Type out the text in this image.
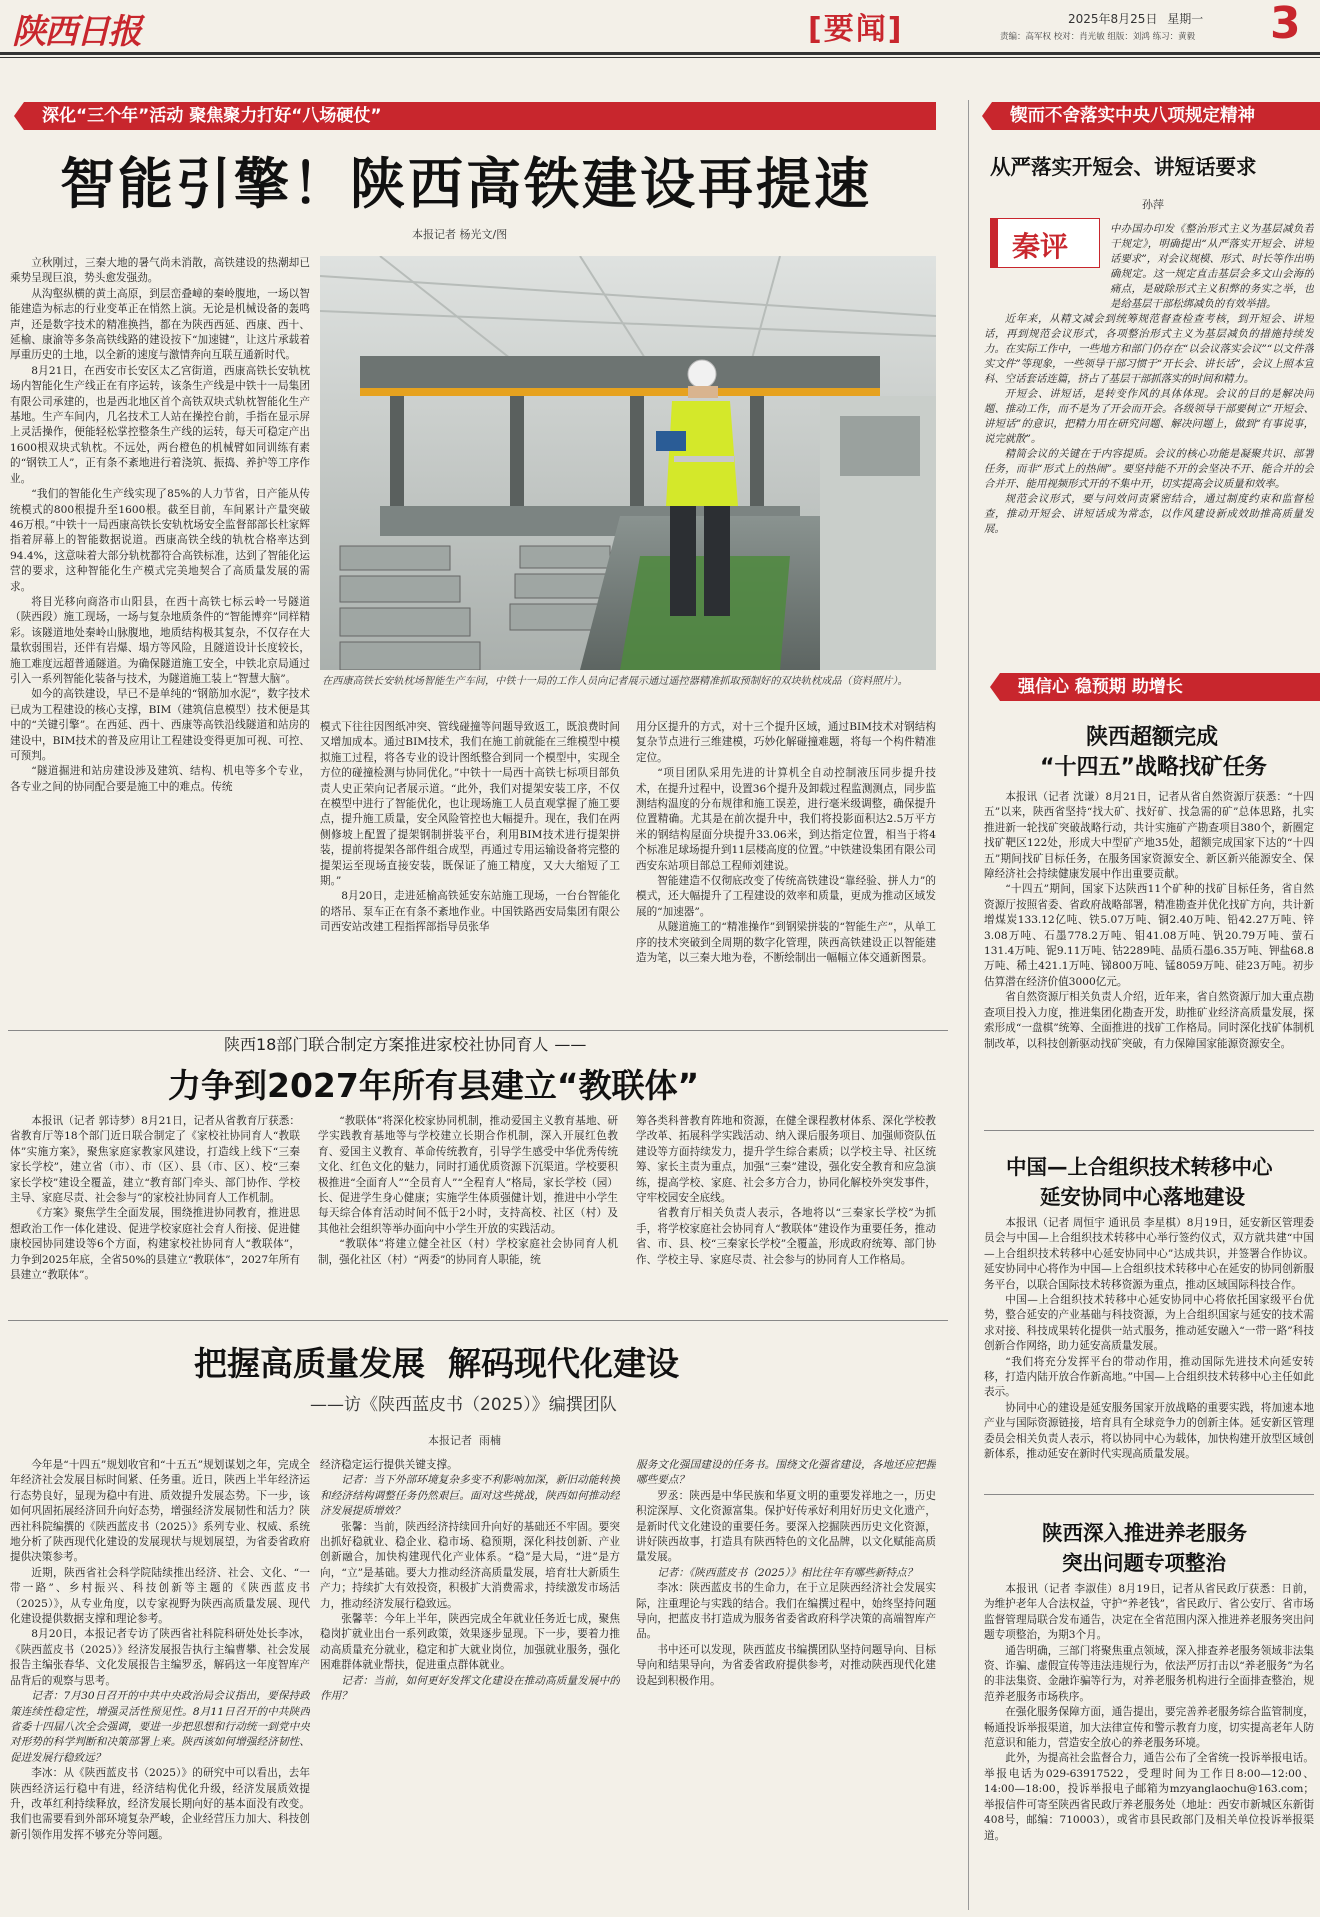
陕西日报	[要闻]	2025年8月25日 星期一
责编：高军权 校对：肖光敏 组版：刘鸿 练习：黄毅 3
深化“三个年”活动 聚焦聚力打好“八场硬仗”	锲而不舍落实中央八项规定精神
智能引擎！陕西高铁建设再提速
本报记者 杨光文/图

立秋刚过，三秦大地的暑气尚未消散，高铁建设的热潮却已乘势呈现巨浪，势头愈发强劲。

从沟壑纵横的黄土高原，到层峦叠嶂的秦岭腹地，一场以智能建造为标志的行业变革正在悄然上演。无论是机械设备的轰鸣声，还是数字技术的精准换挡，都在为陕西西延、西康、西十、延榆、康渝等多条高铁线路的建设按下“加速键”，让这片承载着厚重历史的土地，以全新的速度与激情奔向互联互通新时代。

8月21日，在西安市长安区太乙宫街道，西康高铁长安轨枕场内智能化生产线正在有序运转，该条生产线是中铁十一局集团有限公司承建的，也是西北地区首个高铁双块式轨枕智能化生产基地。生产车间内，几名技术工人站在操控台前，手指在显示屏上灵活操作，便能轻松掌控整条生产线的运转，每天可稳定产出1600根双块式轨枕。不远处，两台橙色的机械臂如同训练有素的“钢铁工人”，正有条不紊地进行着浇筑、振捣、养护等工序作业。

“我们的智能化生产线实现了85%的人力节省，日产能从传统模式的800根提升至1600根。截至目前，车间累计产量突破46万根。”中铁十一局西康高铁长安轨枕场安全监督部部长杜家辉指着屏幕上的智能数据说道。西康高铁全线的轨枕合格率达到94.4%，这意味着大部分轨枕都符合高铁标准，达到了智能化运营的要求，这种智能化生产模式完美地契合了高质量发展的需求。

将目光移向商洛市山阳县，在西十高铁七标云岭一号隧道（陕西段）施工现场，一场与复杂地质条件的“智能博弈”同样精彩。该隧道地处秦岭山脉腹地，地质结构极其复杂，不仅存在大量软弱围岩，还伴有岩爆、塌方等风险，且隧道设计长度较长，施工难度远超普通隧道。为确保隧道施工安全，中铁北京局通过引入一系列智能化装备与技术，为隧道施工装上“智慧大脑”。

如今的高铁建设，早已不是单纯的“钢筋加水泥”，数字技术已成为工程建设的核心支撑，BIM（建筑信息模型）技术便是其中的“关键引擎”。在西延、西十、西康等高铁沿线隧道和站房的建设中，BIM技术的普及应用让工程建设变得更加可视、可控、可预判。

“隧道掘进和站房建设涉及建筑、结构、机电等多个专业，各专业之间的协同配合要是施工中的难点。传统

在西康高铁长安轨枕场智能生产车间，中铁十一局的工作人员向记者展示通过遥控器精准抓取预制好的双块轨枕成品（资料照片）。

模式下往往因图纸冲突、管线碰撞等问题导致返工，既浪费时间又增加成本。通过BIM技术，我们在施工前就能在三维模型中模拟施工过程，将各专业的设计图纸整合到同一个模型中，实现全方位的碰撞检测与协同优化。”中铁十一局西十高铁七标项目部负责人史正荣向记者展示道。“此外，我们对提架安装工序，不仅在模型中进行了智能优化，也让现场施工人员直观掌握了施工要点，提升施工质量，安全风险管控也大幅提升。现在，我们在两侧修坡上配置了提架钢制拼装平台，利用BIM技术进行提架拼装，提前将提架各部件组合成型，再通过专用运输设备将完整的提架运至现场直接安装，既保证了施工精度，又大大缩短了工期。”

8月20日，走进延榆高铁延安东站施工现场，一台台智能化的塔吊、泵车正在有条不紊地作业。中国铁路西安局集团有限公司西安站改建工程指挥部指导员张华

用分区提升的方式，对十三个提升区域，通过BIM技术对钢结构复杂节点进行三维建模，巧妙化解碰撞难题，将每一个构件精准定位。

“项目团队采用先进的计算机全自动控制液压同步提升技术，在提升过程中，设置36个提升及卸载过程监测测点，同步监测结构温度的分布规律和施工误差，进行毫米级调整，确保提升位置精确。尤其是在前次提升中，我们将投影面积达2.5万平方米的钢结构屋面分块提升33.06米，到达指定位置，相当于将4个标准足球场提升到11层楼高度的位置。”中铁建设集团有限公司西安东站项目部总工程师刘建说。

智能建造不仅彻底改变了传统高铁建设“靠经验、拼人力”的模式，还大幅提升了工程建设的效率和质量，更成为推动区域发展的“加速器”。

从隧道施工的“精准操作”到钢梁拼装的“智能生产”，从单工序的技术突破到全周期的数字化管理，陕西高铁建设正以智能建造为笔，以三秦大地为卷，不断绘制出一幅幅立体交通新图景。

陕西18部门联合制定方案推进家校社协同育人 ——
力争到2027年所有县建立“教联体”

本报讯（记者 郭诗梦）8月21日，记者从省教育厅获悉：省教育厅等18个部门近日联合制定了《家校社协同育人“教联体”实施方案》，聚焦家庭家教家风建设，打造线上线下“三秦家长学校”，建立省（市）、市（区）、县（市、区）、校“三秦家长学校”建设全覆盖，建立“教育部门牵头、部门协作、学校主导、家庭尽责、社会参与”的家校社协同育人工作机制。

《方案》聚焦学生全面发展，围绕推进协同教育，推进思想政治工作一体化建设、促进学校家庭社会育人衔接、促进健康校园协同建设等6个方面，构建家校社协同育人“教联体”，力争到2025年底，全省50%的县建立“教联体”，2027年所有县建立“教联体”。

“教联体”将深化校家协同机制，推动爱国主义教育基地、研学实践教育基地等与学校建立长期合作机制，深入开展红色教育、爱国主义教育、革命传统教育，引导学生感受中华优秀传统文化、红色文化的魅力，同时打通优质资源下沉渠道。学校要积极推进“全面育人”“全员育人”“全程育人”格局，家长学校（园）长、促进学生身心健康；实施学生体质强健计划，推进中小学生每天综合体育活动时间不低于2小时，支持高校、社区（村）及其他社会组织等举办面向中小学生开放的实践活动。

“教联体”将建立健全社区（村）学校家庭社会协同育人机制，强化社区（村）“两委”的协同育人职能，统

筹各类科普教育阵地和资源，在健全课程教材体系、深化学校教学改革、拓展科学实践活动、纳入课后服务项目、加强师资队伍建设等方面持续发力，提升学生综合素质；以学校主导、社区统筹、家长主责为重点，加强“三秦”建设，强化安全教育和应急演练，提高学校、家庭、社会多方合力，协同化解校外突发事件，守牢校园安全底线。

省教育厅相关负责人表示，各地将以“三秦家长学校”为抓手，将学校家庭社会协同育人“教联体”建设作为重要任务，推动省、市、县、校“三秦家长学校”全覆盖，形成政府统筹、部门协作、学校主导、家庭尽责、社会参与的协同育人工作格局。

把握高质量发展  解码现代化建设
——访《陕西蓝皮书（2025）》编撰团队
本报记者  雨楠

今年是“十四五”规划收官和“十五五”规划谋划之年，完成全年经济社会发展目标时间紧、任务重。近日，陕西上半年经济运行态势良好，显现为稳中有进、质效提升发展态势。下一步，该如何巩固拓展经济回升向好态势，增强经济发展韧性和活力？陕西社科院编撰的《陕西蓝皮书（2025）》系列专业、权威、系统地分析了陕西现代化建设的发展现状与规划展望，为省委省政府提供决策参考。

近期，陕西省社会科学院陆续推出经济、社会、文化、“一带一路”、乡村振兴、科技创新等主题的《陕西蓝皮书（2025）》，从专业角度，以专家视野为陕西高质量发展、现代化建设提供数据支撑和理论参考。

8月20日，本报记者专访了陕西省社科院科研处处长李冰，《陕西蓝皮书（2025）》经济发展报告执行主编曹攀、社会发展报告主编张春华、文化发展报告主编罗丞，解码这一年度智库产品背后的观察与思考。

记者：7月30日召开的中共中央政治局会议指出，要保持政策连续性稳定性，增强灵活性预见性。8月11日召开的中共陕西省委十四届八次全会强调，要进一步把思想和行动统一到党中央对形势的科学判断和决策部署上来。陕西该如何增强经济韧性、促进发展行稳致远？

李冰：从《陕西蓝皮书（2025）》的研究中可以看出，去年陕西经济运行稳中有进，经济结构优化升级，经济发展质效提升，改革红利持续释放，经济发展长期向好的基本面没有改变。我们也需要看到外部环境复杂严峻，企业经营压力加大、科技创新引领作用发挥不够充分等问题。

经济稳定运行提供关键支撑。

记者：当下外部环境复杂多变不利影响加深，新旧动能转换和经济结构调整任务仍然艰巨。面对这些挑战，陕西如何推动经济发展提质增效？

张馨：当前，陕西经济持续回升向好的基础还不牢固。要突出抓好稳就业、稳企业、稳市场、稳预期，深化科技创新、产业创新融合，加快构建现代化产业体系。“稳”是大局，“进”是方向，“立”是基础。要大力推动经济高质量发展，培育壮大新质生产力；持续扩大有效投资，积极扩大消费需求，持续激发市场活力，推动经济发展行稳致远。

张馨莘：今年上半年，陕西完成全年就业任务近七成，聚焦稳岗扩就业出台一系列政策，效果逐步显现。下一步，要着力推动高质量充分就业，稳定和扩大就业岗位，加强就业服务，强化困难群体就业帮扶，促进重点群体就业。

记者：当前，如何更好发挥文化建设在推动高质量发展中的作用？

服务文化强国建设的任务书。围绕文化强省建设，各地还应把握哪些要点？

罗丞：陕西是中华民族和华夏文明的重要发祥地之一，历史积淀深厚、文化资源富集。保护好传承好利用好历史文化遗产，是新时代文化建设的重要任务。要深入挖掘陕西历史文化资源，讲好陕西故事，打造具有陕西特色的文化品牌，以文化赋能高质量发展。

记者：《陕西蓝皮书（2025）》相比往年有哪些新特点？

李冰：陕西蓝皮书的生命力，在于立足陕西经济社会发展实际，注重理论与实践的结合。我们在编撰过程中，始终坚持问题导向，把蓝皮书打造成为服务省委省政府科学决策的高端智库产品。

书中还可以发现，陕西蓝皮书编撰团队坚持问题导向、目标导向和结果导向，为省委省政府提供参考，对推动陕西现代化建设起到积极作用。

从严落实开短会、讲短话要求
孙萍
秦评

中办国办印发《整治形式主义为基层减负若干规定》，明确提出“从严落实开短会、讲短话要求”，对会议规模、形式、时长等作出明确规定。这一规定直击基层会多文山会海的痛点，是破除形式主义积弊的务实之举，也是给基层干部松绑减负的有效举措。

近年来，从精文减会到统筹规范督查检查考核，到开短会、讲短话，再到规范会议形式，各项整治形式主义为基层减负的措施持续发力。在实际工作中，一些地方和部门仍存在“以会议落实会议”“以文件落实文件”等现象，一些领导干部习惯于“开长会、讲长话”，会议上照本宣科、空话套话连篇，挤占了基层干部抓落实的时间和精力。

开短会、讲短话，是转变作风的具体体现。会议的目的是解决问题、推动工作，而不是为了开会而开会。各级领导干部要树立“开短会、讲短话”的意识，把精力用在研究问题、解决问题上，做到“有事说事，说完就散”。

精简会议的关键在于内容提质。会议的核心功能是凝聚共识、部署任务，而非“形式上的热闹”。要坚持能不开的会坚决不开、能合并的会合并开、能用视频形式开的不集中开，切实提高会议质量和效率。

规范会议形式，要与问效问责紧密结合，通过制度约束和监督检查，推动开短会、讲短话成为常态，以作风建设新成效助推高质量发展。

强信心 稳预期 助增长
陕西超额完成
“十四五”战略找矿任务

本报讯（记者 沈谦）8月21日，记者从省自然资源厅获悉：“十四五”以来，陕西省坚持“找大矿、找好矿、找急需的矿”总体思路，扎实推进新一轮找矿突破战略行动，共计实施矿产勘查项目380个，新圈定找矿靶区122处，形成大中型矿产地35处，超额完成国家下达的“十四五”期间找矿目标任务，在服务国家资源安全、新区新兴能源安全、保障经济社会持续健康发展中作出重要贡献。

“十四五”期间，国家下达陕西11个矿种的找矿目标任务，省自然资源厅按照省委、省政府战略部署，精准勘查并优化找矿方向，共计新增煤炭133.12亿吨、铁5.07万吨、铜2.40万吨、铅42.27万吨、锌3.08万吨、石墨778.2万吨、钼41.08万吨、钒20.79万吨、萤石131.4万吨、铌9.11万吨、钴2289吨、晶质石墨6.35万吨、钾盐68.8万吨、稀土421.1万吨、锑800万吨、锰8059万吨、硅23万吨。初步估算潜在经济价值3000亿元。

省自然资源厅相关负责人介绍，近年来，省自然资源厅加大重点勘查项目投入力度，推进集团化勘查开发，助推矿业经济高质量发展，探索形成“一盘棋”统筹、全面推进的找矿工作格局。同时深化找矿体制机制改革，以科技创新驱动找矿突破，有力保障国家能源资源安全。

中国—上合组织技术转移中心
延安协同中心落地建设

本报讯（记者 周恒宇 通讯员 李星棋）8月19日，延安新区管理委员会与中国—上合组织技术转移中心举行签约仪式，双方就共建“中国—上合组织技术转移中心延安协同中心”达成共识，并签署合作协议。延安协同中心将作为中国—上合组织技术转移中心在延安的协同创新服务平台，以联合国际技术转移资源为重点，推动区域国际科技合作。

中国—上合组织技术转移中心延安协同中心将依托国家级平台优势，整合延安的产业基础与科技资源，为上合组织国家与延安的技术需求对接、科技成果转化提供一站式服务，推动延安融入“一带一路”科技创新合作网络，助力延安高质量发展。

“我们将充分发挥平台的带动作用，推动国际先进技术向延安转移，打造内陆开放合作新高地。”中国—上合组织技术转移中心主任如此表示。

协同中心的建设是延安服务国家开放战略的重要实践，将加速本地产业与国际资源链接，培育具有全球竞争力的创新主体。延安新区管理委员会相关负责人表示，将以协同中心为载体，加快构建开放型区域创新体系，推动延安在新时代实现高质量发展。

陕西深入推进养老服务
突出问题专项整治

本报讯（记者 李淑佳）8月19日，记者从省民政厅获悉：日前，为维护老年人合法权益，守护“养老钱”，省民政厅、省公安厅、省市场监督管理局联合发布通告，决定在全省范围内深入推进养老服务突出问题专项整治，为期3个月。

通告明确，三部门将聚焦重点领域，深入排查养老服务领域非法集资、诈骗、虚假宣传等违法违规行为，依法严厉打击以“养老服务”为名的非法集资、金融诈骗等行为，对养老服务机构进行全面排查整治，规范养老服务市场秩序。

在强化服务保障方面，通告提出，要完善养老服务综合监管制度，畅通投诉举报渠道，加大法律宣传和警示教育力度，切实提高老年人防范意识和能力，营造安全放心的养老服务环境。

此外，为提高社会监督合力，通告公布了全省统一投诉举报电话。举报电话为029-63917522，受理时间为工作日8:00—12:00、14:00—18:00，投诉举报电子邮箱为mzyanglaochu@163.com；举报信件可寄至陕西省民政厅养老服务处（地址：西安市新城区东新街408号，邮编：710003），或省市县民政部门及相关单位投诉举报渠道。
